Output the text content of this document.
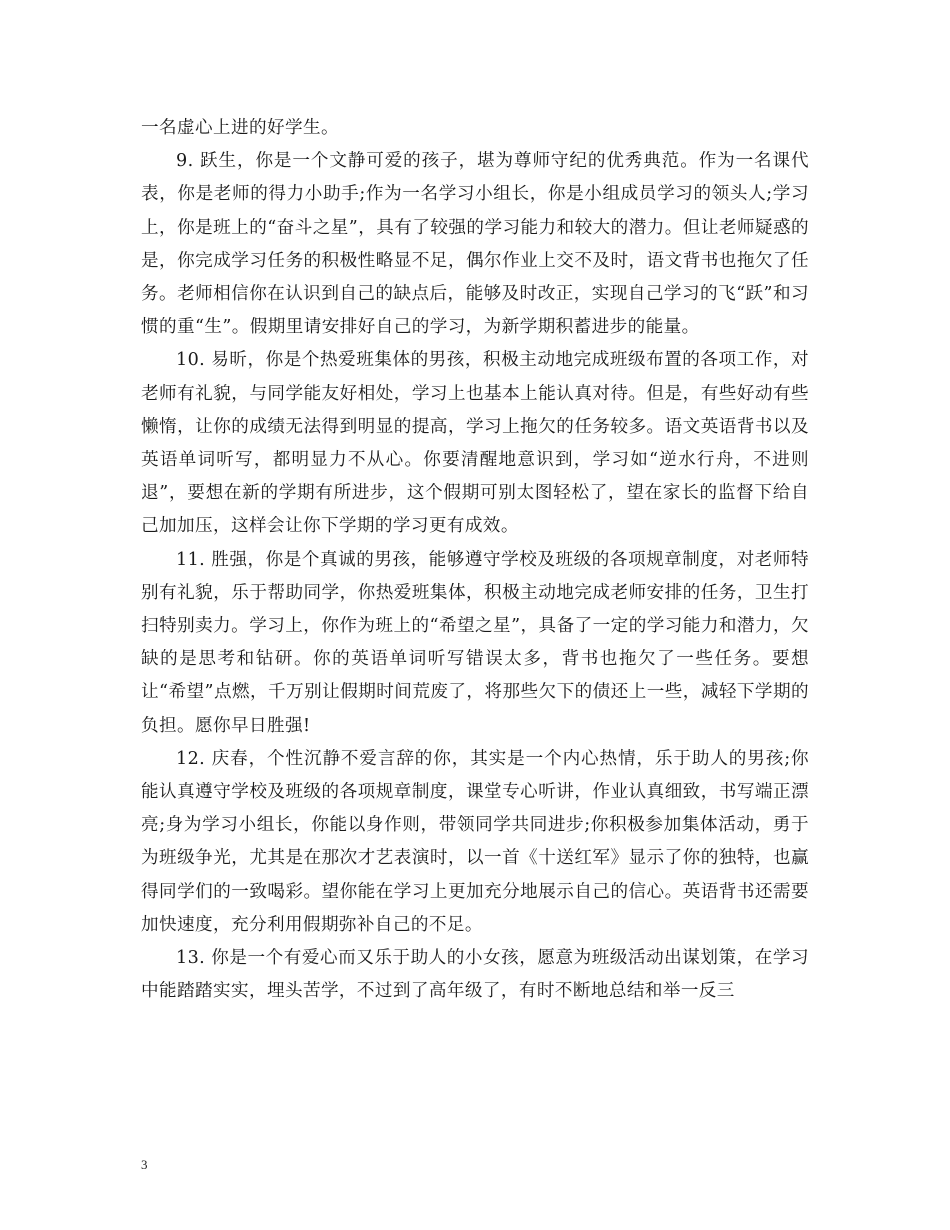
一名虚心上进的好学生。

9. 跃生，你是一个文静可爱的孩子，堪为尊师守纪的优秀典范。作为一名课代表，你是老师的得力小助手;作为一名学习小组长，你是小组成员学习的领头人;学习上，你是班上的“奋斗之星”，具有了较强的学习能力和较大的潜力。但让老师疑惑的是，你完成学习任务的积极性略显不足，偶尔作业上交不及时，语文背书也拖欠了任务。老师相信你在认识到自己的缺点后，能够及时改正，实现自己学习的飞“跃”和习惯的重“生”。假期里请安排好自己的学习，为新学期积蓄进步的能量。

10. 易昕，你是个热爱班集体的男孩，积极主动地完成班级布置的各项工作，对老师有礼貌，与同学能友好相处，学习上也基本上能认真对待。但是，有些好动有些懒惰，让你的成绩无法得到明显的提高，学习上拖欠的任务较多。语文英语背书以及英语单词听写，都明显力不从心。你要清醒地意识到，学习如“逆水行舟，不进则退”，要想在新的学期有所进步，这个假期可别太图轻松了，望在家长的监督下给自己加加压，这样会让你下学期的学习更有成效。

11. 胜强，你是个真诚的男孩，能够遵守学校及班级的各项规章制度，对老师特别有礼貌，乐于帮助同学，你热爱班集体，积极主动地完成老师安排的任务，卫生打扫特别卖力。学习上，你作为班上的“希望之星”，具备了一定的学习能力和潜力，欠缺的是思考和钻研。你的英语单词听写错误太多，背书也拖欠了一些任务。要想让“希望”点燃，千万别让假期时间荒废了，将那些欠下的债还上一些，减轻下学期的负担。愿你早日胜强!

12. 庆春，个性沉静不爱言辞的你，其实是一个内心热情，乐于助人的男孩;你能认真遵守学校及班级的各项规章制度，课堂专心听讲，作业认真细致，书写端正漂亮;身为学习小组长，你能以身作则，带领同学共同进步;你积极参加集体活动，勇于为班级争光，尤其是在那次才艺表演时，以一首《十送红军》显示了你的独特，也赢得同学们的一致喝彩。望你能在学习上更加充分地展示自己的信心。英语背书还需要加快速度，充分利用假期弥补自己的不足。

13. 你是一个有爱心而又乐于助人的小女孩，愿意为班级活动出谋划策，在学习中能踏踏实实，埋头苦学，不过到了高年级了，有时不断地总结和举一反三

3
